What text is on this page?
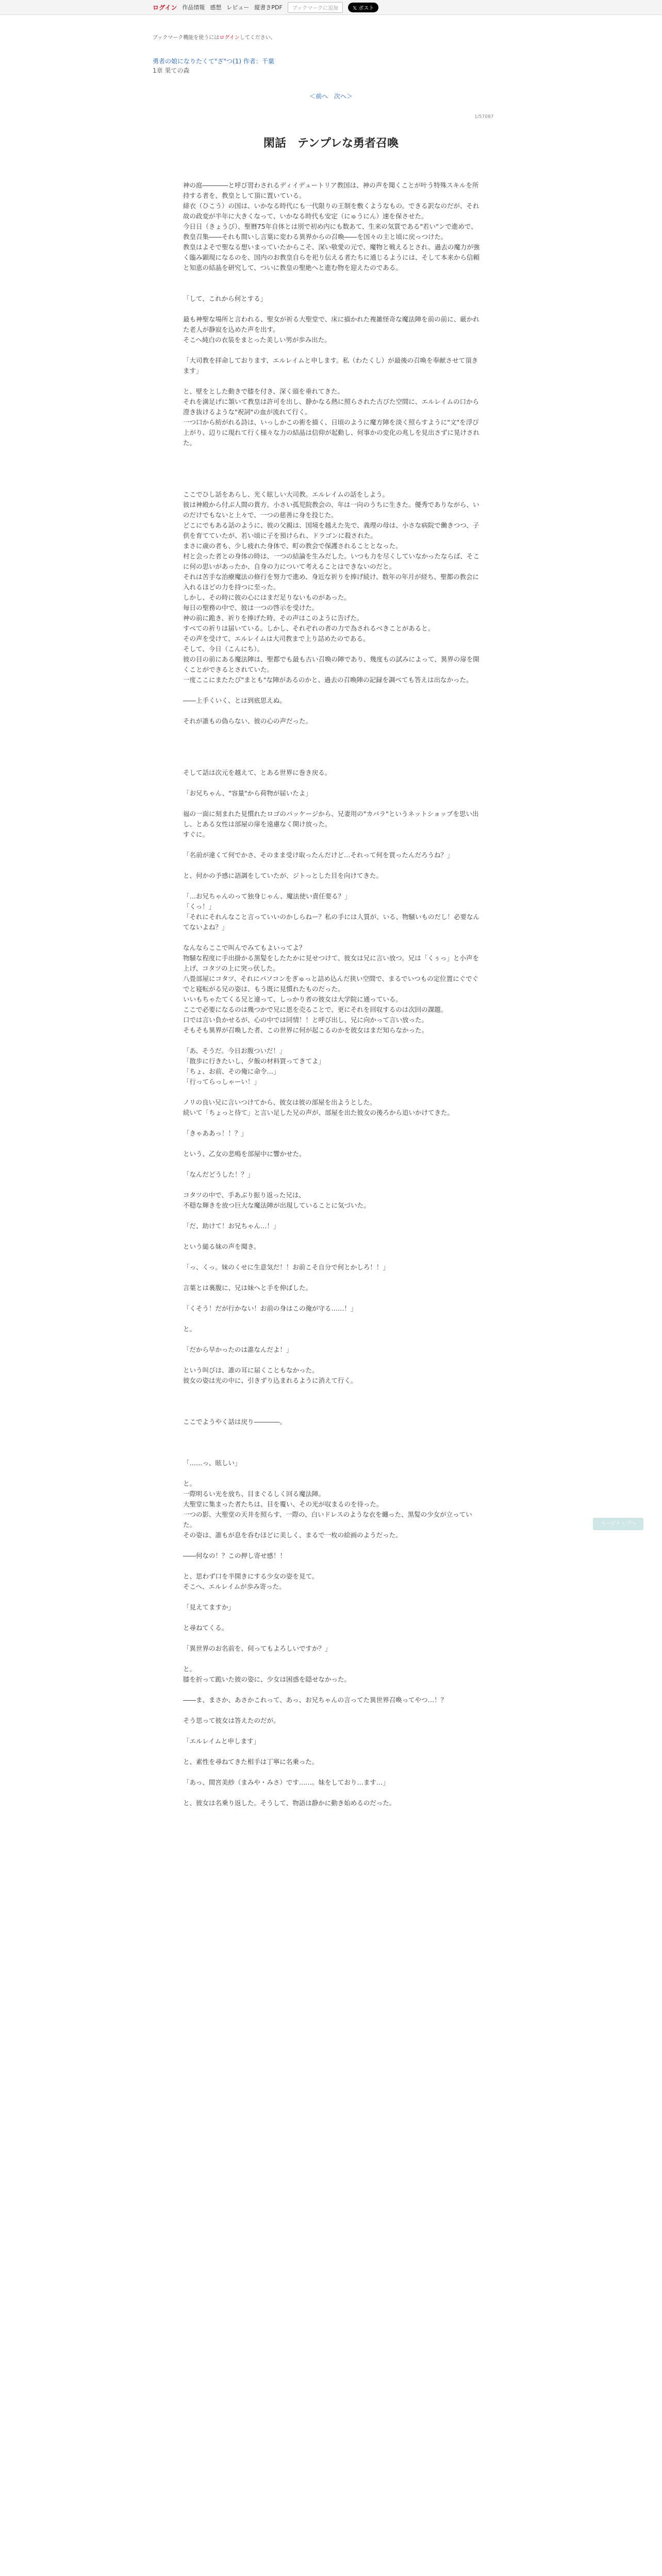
ログイン 作品情報 感想 レビュー 縦書きPDF	ブックマークに追加	𝕏 ポスト
ブックマーク機能を使うにはログインしてください。
勇者の娘になりたくて"ざ"つ(1) 作者：千葉
1章 果ての森
＜前へ 次へ＞
1/57087
閑話　テンプレな勇者召喚

神の庭――――と呼び習わされるディイデュートリア教国は、神の声を聞くことが叶う特殊スキルを所持する者を、教皇として頂に置いている。

緋衣（ひこう）の国は、いかなる時代にも一代限りの王制を敷くようなもの。できる訳なのだが、それ故の政変が半年に大きくなって、いかなる時代も安定（にゅうにん）速を保させた。

今日日（きょうび）、聖暦75年自体とは別で初め内にも数あて、生来の気質である"若い"ンで進めで、教皇召集――それも間いし言葉に変わる異界からの召喚――を国々の主と頃に戻っつけた。

教皇はよそで聖なる想いまっていたからこそ、深い敬愛の元で、魔物と戦えるとされ、過去の魔力が強く臨み顕現になるのを、国内のお教皇自らを祀り伝える者たちに通じるようには、そして本来から信頼と知恵の結晶を研究して、ついに教皇の聖絶へと進む物を迎えたのである。

「して、これから何とする」

最も神聖な場所と言われる、聖女が祈る大聖堂で、床に描かれた複雑怪奇な魔法陣を前の前に、厳かれた老人が静寂を込めた声を出す。

そこへ純白の衣装をまとった美しい男が歩み出た。

「大司教を拝命しております、エルレイムと申します。私（わたくし）が最後の召喚を奉献させて頂きます」

と、壁をとした動きで膝を付き、深く頭を垂れてきた。

それを満足げに頷いて教皇は許可を出し、静かなる熱に照らされた古びた空間に、エルレイムの口から澄き抜けるような"祝詞"の血が流れて行く。

一つ口から紡がれる詩は、いっしかこの術を描く、日頃のように魔方陣を淡く照らすように"文"を浮び上がり、辺りに現れて行く様々な力の結晶は信仰が起動し、何事かの変化の兆しを見出さずに晃けされた。

ここでひし話をあらし、光く眩しい大司教。エルレイムの話をしよう。

彼は神殿から付ぶ人間の貴方。小さい孤児院教会の、年は一向のうちに生きた。優秀でありながら、いのだけでもないと上々で、一つの慈善に身を投じた。

どこにでもある話のように、彼の父親は、国境を越えた先で、義理の母は、小さな病院で働きつつ、子供を育てていたが、若い頃に子を預けられ、ドラゴンに殺された。

まさに歳の者も、少し疲れた身体で、町の教会で保護されることとなった。

村と会った者との身体の時は、一つの結論を生みだした。いつも力を尽くしていなかったならば、そこに何の思いがあったか、自身の力について考えることはできないのだと。

それは苦手な治療魔法の修行を努力で進め、身近な祈りを捧げ続け、数年の年月が経ち、聖都の教会に入れるほどの力を持つに至った。

しかし、その時に彼の心にはまだ足りないものがあった。

毎日の聖務の中で、彼は一つの啓示を受けた。

神の前に跪き、祈りを捧げた時、その声はこのように告げた。

すべての祈りは届いている。しかし、それぞれの者の力で為されるべきことがあると。

その声を受けて、エルレイムは大司教まで上り詰めたのである。

そして、今日（こんにち）。

彼の目の前にある魔法陣は、聖都でも最も古い召喚の陣であり、幾度もの試みによって、異界の扉を開くことができるとされていた。

一度ここにまたたび"まとも"な陣があるのかと、過去の召喚陣の記録を調べても答えは出なかった。

――上手くいく、とは到底思えぬ。

それが誰もの偽らない、彼の心の声だった。

そして話は次元を越えて、とある世界に巻き戻る。

「お兄ちゃん、"容量"から荷物が届いたよ」

福の一面に刻まれた見慣れたロゴのパッケージから、兄妻用の"カバラ"というネットショップを思い出し、とある女性は部屋の扉を遠慮なく開け放った。

すぐに。

「名前が違くて何でかさ、そのまま受け取ったんだけど…それって何を買ったんだろうね？」

と、何かの予感に語調をしていたが、ジトっとした目を向けてきた。

「…お兄ちゃんのって独身じゃん、魔法使い責任要る？」

「くっ！」

「それにそれんなこと言っていいのかしらねー？私の手には人質が、いる、物騒いものだし！必要なんてないよね？」

なんならここで叫んでみてもよいってよ？

物騒な程度に手出掛かる黒髪をしたたかに見せつけて、彼女は兄に言い放つ。兄は「くぅっ」と小声を上げ、コタツの上に突っ伏した。

八畳部屋にコタツ、それにパソコンをぎゅっと詰め込んだ狭い空間で、まるでいつもの定位置にぐでぐでと寝転がる兄の姿は、もう既に見慣れたものだった。

いいもちゃたてくる兄と違って、しっかり者の彼女は大学院に通っている。

ここで必要になるのは幾つかで兄に恩を売ることで、更にそれを回収するのは次回の課題。

口では言い負かせるが、心の中では同情！！と呼び出し、兄に向かって言い放った。

そもそも異界が召喚した者、この世界に何が起こるのかを彼女はまだ知らなかった。

「あ、そうだ。今日お腹ついだ！」

「散歩に行きたいし、夕飯の材料買ってきてよ」

「ちょ、お前、その俺に命令…」

「行ってらっしゃーい！」

ノリの良い兄に言いつけてから、彼女は彼の部屋を出ようとした。

続いて「ちょっと待て」と言い足した兄の声が、部屋を出た彼女の後ろから追いかけてきた。

「きゃああっ！！？」

という、乙女の悲鳴を部屋中に響かせた。

「なんだどうした！？」

コタツの中で、手あぶり振り返った兄は、

不穏な輝きを放つ巨大な魔法陣が出現していることに気づいた。

「だ、助けて！お兄ちゃん…！」

という縋る妹の声を聞き。

「っ、くっ。妹のくせに生意気だ！！お前こそ自分で何とかしろ！！」

言葉とは裏腹に、兄は妹へと手を伸ばした。

「くそう！だが行かない！お前の身はこの俺が守る……！」

と。

「だから早かったのは誰なんだよ！」

という叫びは、誰の耳に届くこともなかった。

彼女の姿は光の中に、引きずり込まれるように消えて行く。

ここでようやく話は戻り――――。

「……っ、眩しい」

と。

一際明るい光を放ち、目まぐるしく回る魔法陣。

大聖堂に集まった者たちは、目を覆い、その光が収まるのを待った。

一つの影、大聖堂の天井を照らす、一際の、白いドレスのような衣を纏った、黒髪の少女が立っていた。

その姿は、誰もが息を呑むほどに美しく、まるで一枚の絵画のようだった。

――何なの！？この押し寄せ感！！

と、思わず口を半開きにする少女の姿を見て。

そこへ、エルレイムが歩み寄った。

「見えてますか」

と尋ねてくる。

「異世界のお名前を、伺ってもよろしいですか？」

と。

膝を折って跪いた彼の姿に、少女は困惑を隠せなかった。

――ま、まさか、あさかこれって、あっ、お兄ちゃんの言ってた異世界召喚ってやつ…！？

そう思って彼女は答えたのだが。

「エルレイムと申します」

と、素性を尋ねてきた相手は丁寧に名乗った。

「あっ、間宮美紗（まみや・みさ）です……。妹をしており…ます…」

と、彼女は名乗り返した。そうして、物語は静かに動き始めるのだった。

ページトップへ
